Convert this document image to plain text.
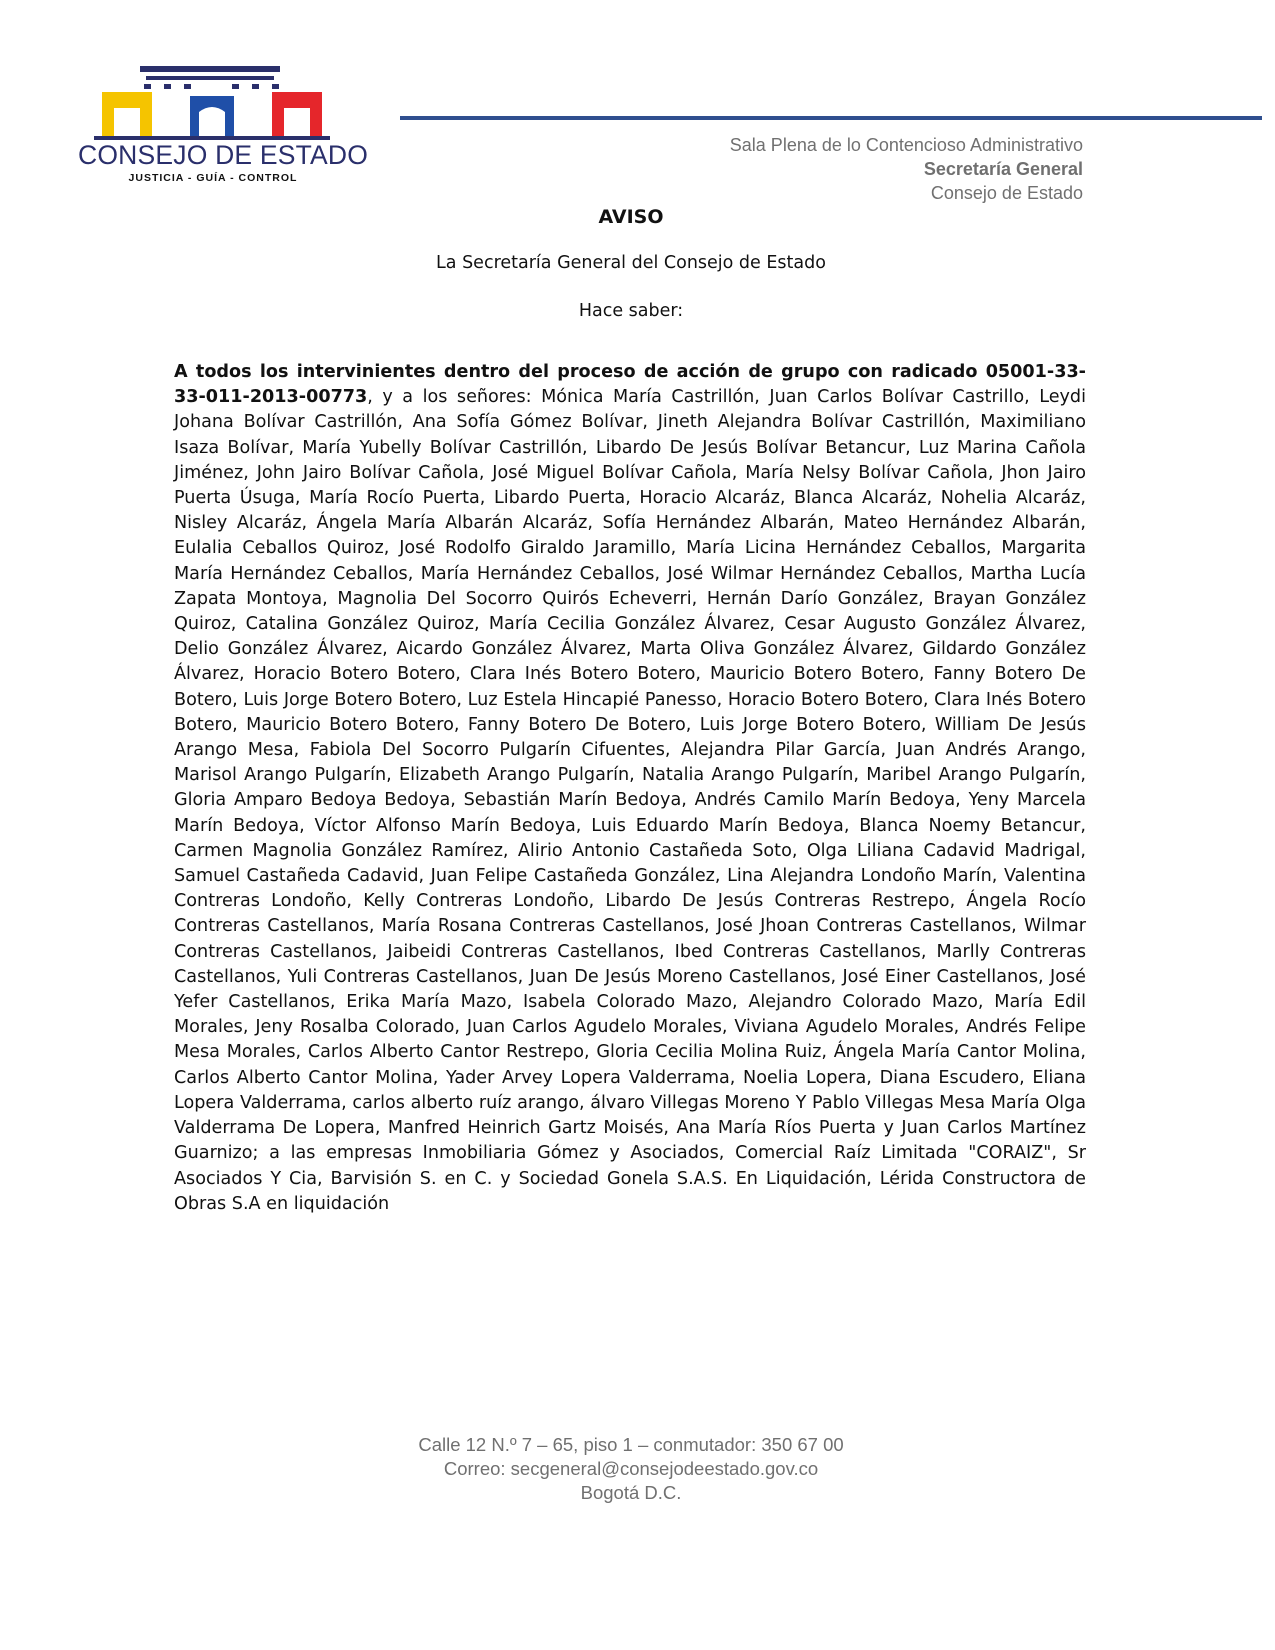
CONSEJO DE ESTADO
JUSTICIA - GUÍA - CONTROL
Sala Plena de lo Contencioso Administrativo
Secretaría General
Consejo de Estado
AVISO
La Secretaría General del Consejo de Estado
Hace saber:
A todos los intervinientes dentro del proceso de acción de grupo con radicado 05001-33-33-011-2013-00773, y a los señores: Mónica María Castrillón, Juan Carlos Bolívar Castrillo, Leydi Johana Bolívar Castrillón, Ana Sofía Gómez Bolívar, Jineth Alejandra Bolívar Castrillón, Maximiliano Isaza Bolívar, María Yubelly Bolívar Castrillón, Libardo De Jesús Bolívar Betancur, Luz Marina Cañola Jiménez, John Jairo Bolívar Cañola, José Miguel Bolívar Cañola, María Nelsy Bolívar Cañola, Jhon Jairo Puerta Úsuga, María Rocío Puerta, Libardo Puerta, Horacio Alcaráz, Blanca Alcaráz, Nohelia Alcaráz, Nisley Alcaráz, Ángela María Albarán Alcaráz, Sofía Hernández Albarán, Mateo Hernández Albarán, Eulalia Ceballos Quiroz, José Rodolfo Giraldo Jaramillo, María Licina Hernández Ceballos, Margarita María Hernández Ceballos, María Hernández Ceballos, José Wilmar Hernández Ceballos, Martha Lucía Zapata Montoya, Magnolia Del Socorro Quirós Echeverri, Hernán Darío González, Brayan González Quiroz, Catalina González Quiroz, María Cecilia González Álvarez, Cesar Augusto González Álvarez, Delio González Álvarez, Aicardo González Álvarez, Marta Oliva González Álvarez, Gildardo González Álvarez, Horacio Botero Botero, Clara Inés Botero Botero, Mauricio Botero Botero, Fanny Botero De Botero, Luis Jorge Botero Botero, Luz Estela Hincapié Panesso, Horacio Botero Botero, Clara Inés Botero Botero, Mauricio Botero Botero, Fanny Botero De Botero, Luis Jorge Botero Botero, William De Jesús Arango Mesa, Fabiola Del Socorro Pulgarín Cifuentes, Alejandra Pilar García, Juan Andrés Arango, Marisol Arango Pulgarín, Elizabeth Arango Pulgarín, Natalia Arango Pulgarín, Maribel Arango Pulgarín, Gloria Amparo Bedoya Bedoya, Sebastián Marín Bedoya, Andrés Camilo Marín Bedoya, Yeny Marcela Marín Bedoya, Víctor Alfonso Marín Bedoya, Luis Eduardo Marín Bedoya, Blanca Noemy Betancur, Carmen Magnolia González Ramírez, Alirio Antonio Castañeda Soto, Olga Liliana Cadavid Madrigal, Samuel Castañeda Cadavid, Juan Felipe Castañeda González, Lina Alejandra Londoño Marín, Valentina Contreras Londoño, Kelly Contreras Londoño, Libardo De Jesús Contreras Restrepo, Ángela Rocío Contreras Castellanos, María Rosana Contreras Castellanos, José Jhoan Contreras Castellanos, Wilmar Contreras Castellanos, Jaibeidi Contreras Castellanos, Ibed Contreras Castellanos, Marlly Contreras Castellanos, Yuli Contreras Castellanos, Juan De Jesús Moreno Castellanos, José Einer Castellanos, José Yefer Castellanos, Erika María Mazo, Isabela Colorado Mazo, Alejandro Colorado Mazo, María Edil Morales, Jeny Rosalba Colorado, Juan Carlos Agudelo Morales, Viviana Agudelo Morales, Andrés Felipe Mesa Morales, Carlos Alberto Cantor Restrepo, Gloria Cecilia Molina Ruiz, Ángela María Cantor Molina, Carlos Alberto Cantor Molina, Yader Arvey Lopera Valderrama, Noelia Lopera, Diana Escudero, Eliana Lopera Valderrama, carlos alberto ruíz arango, álvaro Villegas Moreno Y Pablo Villegas Mesa María Olga Valderrama De Lopera, Manfred Heinrich Gartz Moisés, Ana María Ríos Puerta y Juan Carlos Martínez Guarnizo; a las empresas Inmobiliaria Gómez y Asociados, Comercial Raíz Limitada "CORAIZ", Sr Asociados Y Cia, Barvisión S. en C. y Sociedad Gonela S.A.S. En Liquidación, Lérida Constructora de Obras S.A en liquidación
Calle 12 N.º 7 – 65, piso 1 – conmutador: 350 67 00
Correo: secgeneral@consejodeestado.gov.co
Bogotá D.C.
